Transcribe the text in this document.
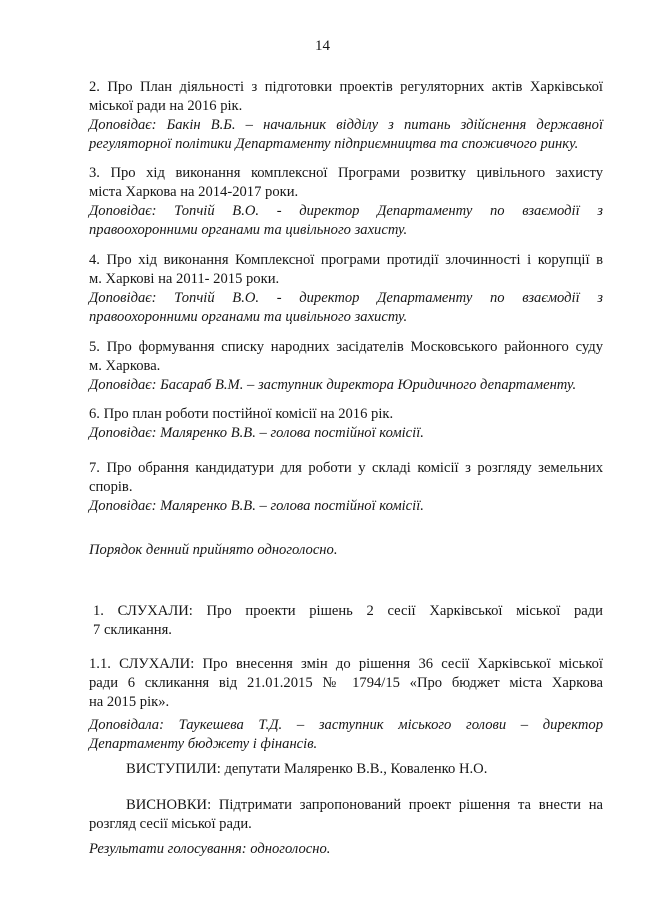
14
2. Про План діяльності з підготовки проектів регуляторних актів Харківської
міської ради на 2016 рік.
Доповідає: Бакін В.Б. – начальник відділу з питань здійснення державної
регуляторної політики Департаменту підприємництва та споживчого ринку.
3. Про хід виконання комплексної Програми розвитку цивільного захисту
міста Харкова на 2014-2017 роки.
Доповідає: Топчій В.О. - директор Департаменту по взаємодії з
правоохоронними органами та цивільного захисту.
4. Про хід виконання Комплексної програми протидії злочинності і корупції в
м. Харкові на 2011- 2015 роки.
Доповідає: Топчій В.О. - директор Департаменту по взаємодії з
правоохоронними органами та цивільного захисту.
5. Про формування списку народних засідателів Московського районного суду
м. Харкова.
Доповідає: Басараб В.М. – заступник директора Юридичного департаменту.
6. Про план роботи постійної комісії на 2016 рік.
Доповідає: Маляренко В.В. – голова постійної комісії.
7. Про обрання кандидатури для роботи у складі комісії з розгляду земельних
спорів.
Доповідає: Маляренко В.В. – голова постійної комісії.
Порядок денний прийнято одноголосно.
1. СЛУХАЛИ: Про проекти рішень 2 сесії Харківської міської ради
7 скликання.
1.1. СЛУХАЛИ: Про внесення змін до рішення 36 сесії Харківської міської
ради 6 скликання від 21.01.2015 № 1794/15 «Про бюджет міста Харкова
на 2015 рік».
Доповідала: Таукешева Т.Д. – заступник міського голови – директор
Департаменту бюджету і фінансів.
ВИСТУПИЛИ: депутати Маляренко В.В., Коваленко Н.О.
ВИСНОВКИ: Підтримати запропонований проект рішення та внести на
розгляд сесії міської ради.
Результати голосування: одноголосно.
